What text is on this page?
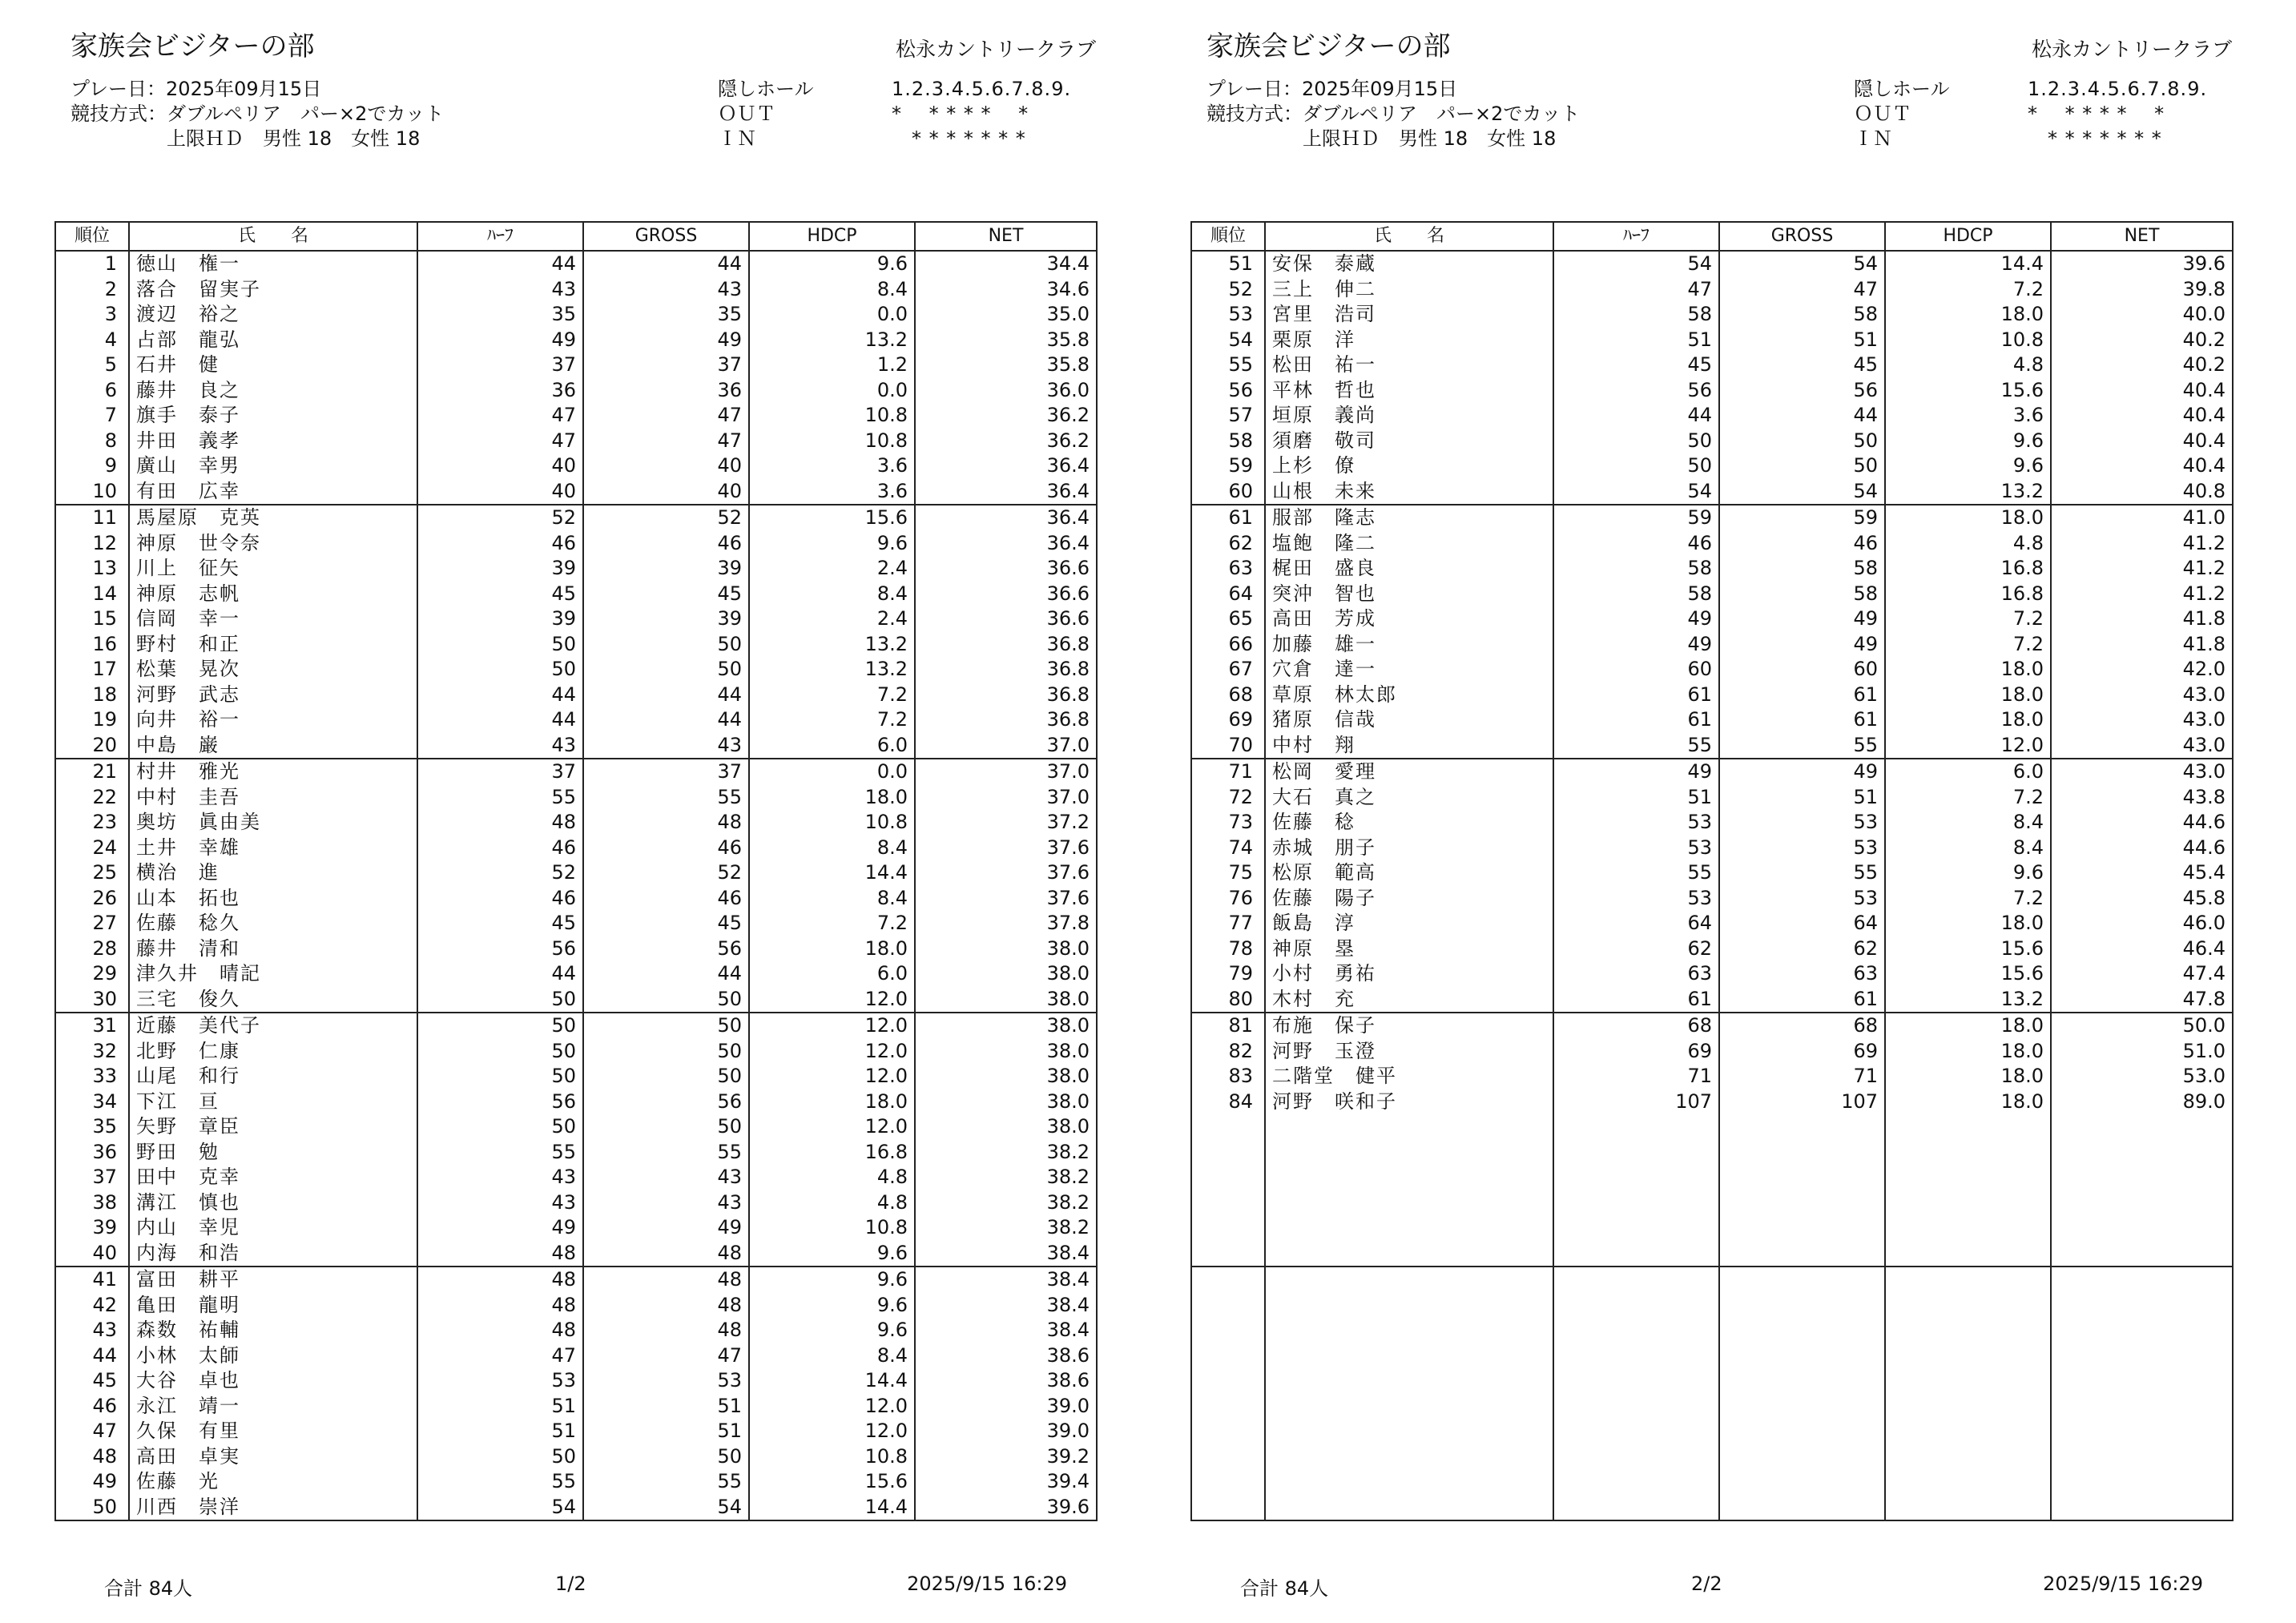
家族会ビジターの部	松永カントリークラブ
プレー日：2025年09月15日
競技方式：ダブルペリア　パー×2でカット
　　　　　上限ＨＤ　男性 18　女性 18
隠しホール
ＯＵＴ
ＩＮ
1.2.3.4.5.6.7.8.9.
*　 * * * *　 *
　* * * * * * *
順位	氏　　名	ﾊｰﾌ	GROSS	HDCP	NET
1	徳山　権一	44	44	9.6	34.4
2	落合　留実子	43	43	8.4	34.6
3	渡辺　裕之	35	35	0.0	35.0
4	占部　龍弘	49	49	13.2	35.8
5	石井　健	37	37	1.2	35.8
6	藤井　良之	36	36	0.0	36.0
7	旗手　泰子	47	47	10.8	36.2
8	井田　義孝	47	47	10.8	36.2
9	廣山　幸男	40	40	3.6	36.4
10	有田　広幸	40	40	3.6	36.4
11	馬屋原　克英	52	52	15.6	36.4
12	神原　世令奈	46	46	9.6	36.4
13	川上　征矢	39	39	2.4	36.6
14	神原　志帆	45	45	8.4	36.6
15	信岡　幸一	39	39	2.4	36.6
16	野村　和正	50	50	13.2	36.8
17	松葉　晃次	50	50	13.2	36.8
18	河野　武志	44	44	7.2	36.8
19	向井　裕一	44	44	7.2	36.8
20	中島　巌	43	43	6.0	37.0
21	村井　雅光	37	37	0.0	37.0
22	中村　圭吾	55	55	18.0	37.0
23	奥坊　眞由美	48	48	10.8	37.2
24	土井　幸雄	46	46	8.4	37.6
25	横治　進	52	52	14.4	37.6
26	山本　拓也	46	46	8.4	37.6
27	佐藤　稔久	45	45	7.2	37.8
28	藤井　清和	56	56	18.0	38.0
29	津久井　晴記	44	44	6.0	38.0
30	三宅　俊久	50	50	12.0	38.0
31	近藤　美代子	50	50	12.0	38.0
32	北野　仁康	50	50	12.0	38.0
33	山尾　和行	50	50	12.0	38.0
34	下江　亘	56	56	18.0	38.0
35	矢野　章臣	50	50	12.0	38.0
36	野田　勉	55	55	16.8	38.2
37	田中　克幸	43	43	4.8	38.2
38	溝江　慎也	43	43	4.8	38.2
39	内山　幸児	49	49	10.8	38.2
40	内海　和浩	48	48	9.6	38.4
41	富田　耕平	48	48	9.6	38.4
42	亀田　龍明	48	48	9.6	38.4
43	森数　祐輔	48	48	9.6	38.4
44	小林　太師	47	47	8.4	38.6
45	大谷　卓也	53	53	14.4	38.6
46	永江　靖一	51	51	12.0	39.0
47	久保　有里	51	51	12.0	39.0
48	高田　卓実	50	50	10.8	39.2
49	佐藤　光	55	55	15.6	39.4
50	川西　崇洋	54	54	14.4	39.6
合計 84人	1/2	2025/9/15 16:29
家族会ビジターの部	松永カントリークラブ
プレー日：2025年09月15日
競技方式：ダブルペリア　パー×2でカット
　　　　　上限ＨＤ　男性 18　女性 18
隠しホール
ＯＵＴ
ＩＮ
1.2.3.4.5.6.7.8.9.
*　 * * * *　 *
　* * * * * * *
順位	氏　　名	ﾊｰﾌ	GROSS	HDCP	NET
51	安保　泰蔵	54	54	14.4	39.6
52	三上　伸二	47	47	7.2	39.8
53	宮里　浩司	58	58	18.0	40.0
54	栗原　洋	51	51	10.8	40.2
55	松田　祐一	45	45	4.8	40.2
56	平林　哲也	56	56	15.6	40.4
57	垣原　義尚	44	44	3.6	40.4
58	須磨　敬司	50	50	9.6	40.4
59	上杉　僚	50	50	9.6	40.4
60	山根　未来	54	54	13.2	40.8
61	服部　隆志	59	59	18.0	41.0
62	塩飽　隆二	46	46	4.8	41.2
63	梶田　盛良	58	58	16.8	41.2
64	突沖　智也	58	58	16.8	41.2
65	高田　芳成	49	49	7.2	41.8
66	加藤　雄一	49	49	7.2	41.8
67	穴倉　達一	60	60	18.0	42.0
68	草原　林太郎	61	61	18.0	43.0
69	猪原　信哉	61	61	18.0	43.0
70	中村　翔	55	55	12.0	43.0
71	松岡　愛理	49	49	6.0	43.0
72	大石　真之	51	51	7.2	43.8
73	佐藤　稔	53	53	8.4	44.6
74	赤城　朋子	53	53	8.4	44.6
75	松原　範高	55	55	9.6	45.4
76	佐藤　陽子	53	53	7.2	45.8
77	飯島　淳	64	64	18.0	46.0
78	神原　塁	62	62	15.6	46.4
79	小村　勇祐	63	63	15.6	47.4
80	木村　充	61	61	13.2	47.8
81	布施　保子	68	68	18.0	50.0
82	河野　玉澄	69	69	18.0	51.0
83	二階堂　健平	71	71	18.0	53.0
84	河野　咲和子	107	107	18.0	89.0

合計 84人	2/2	2025/9/15 16:29
